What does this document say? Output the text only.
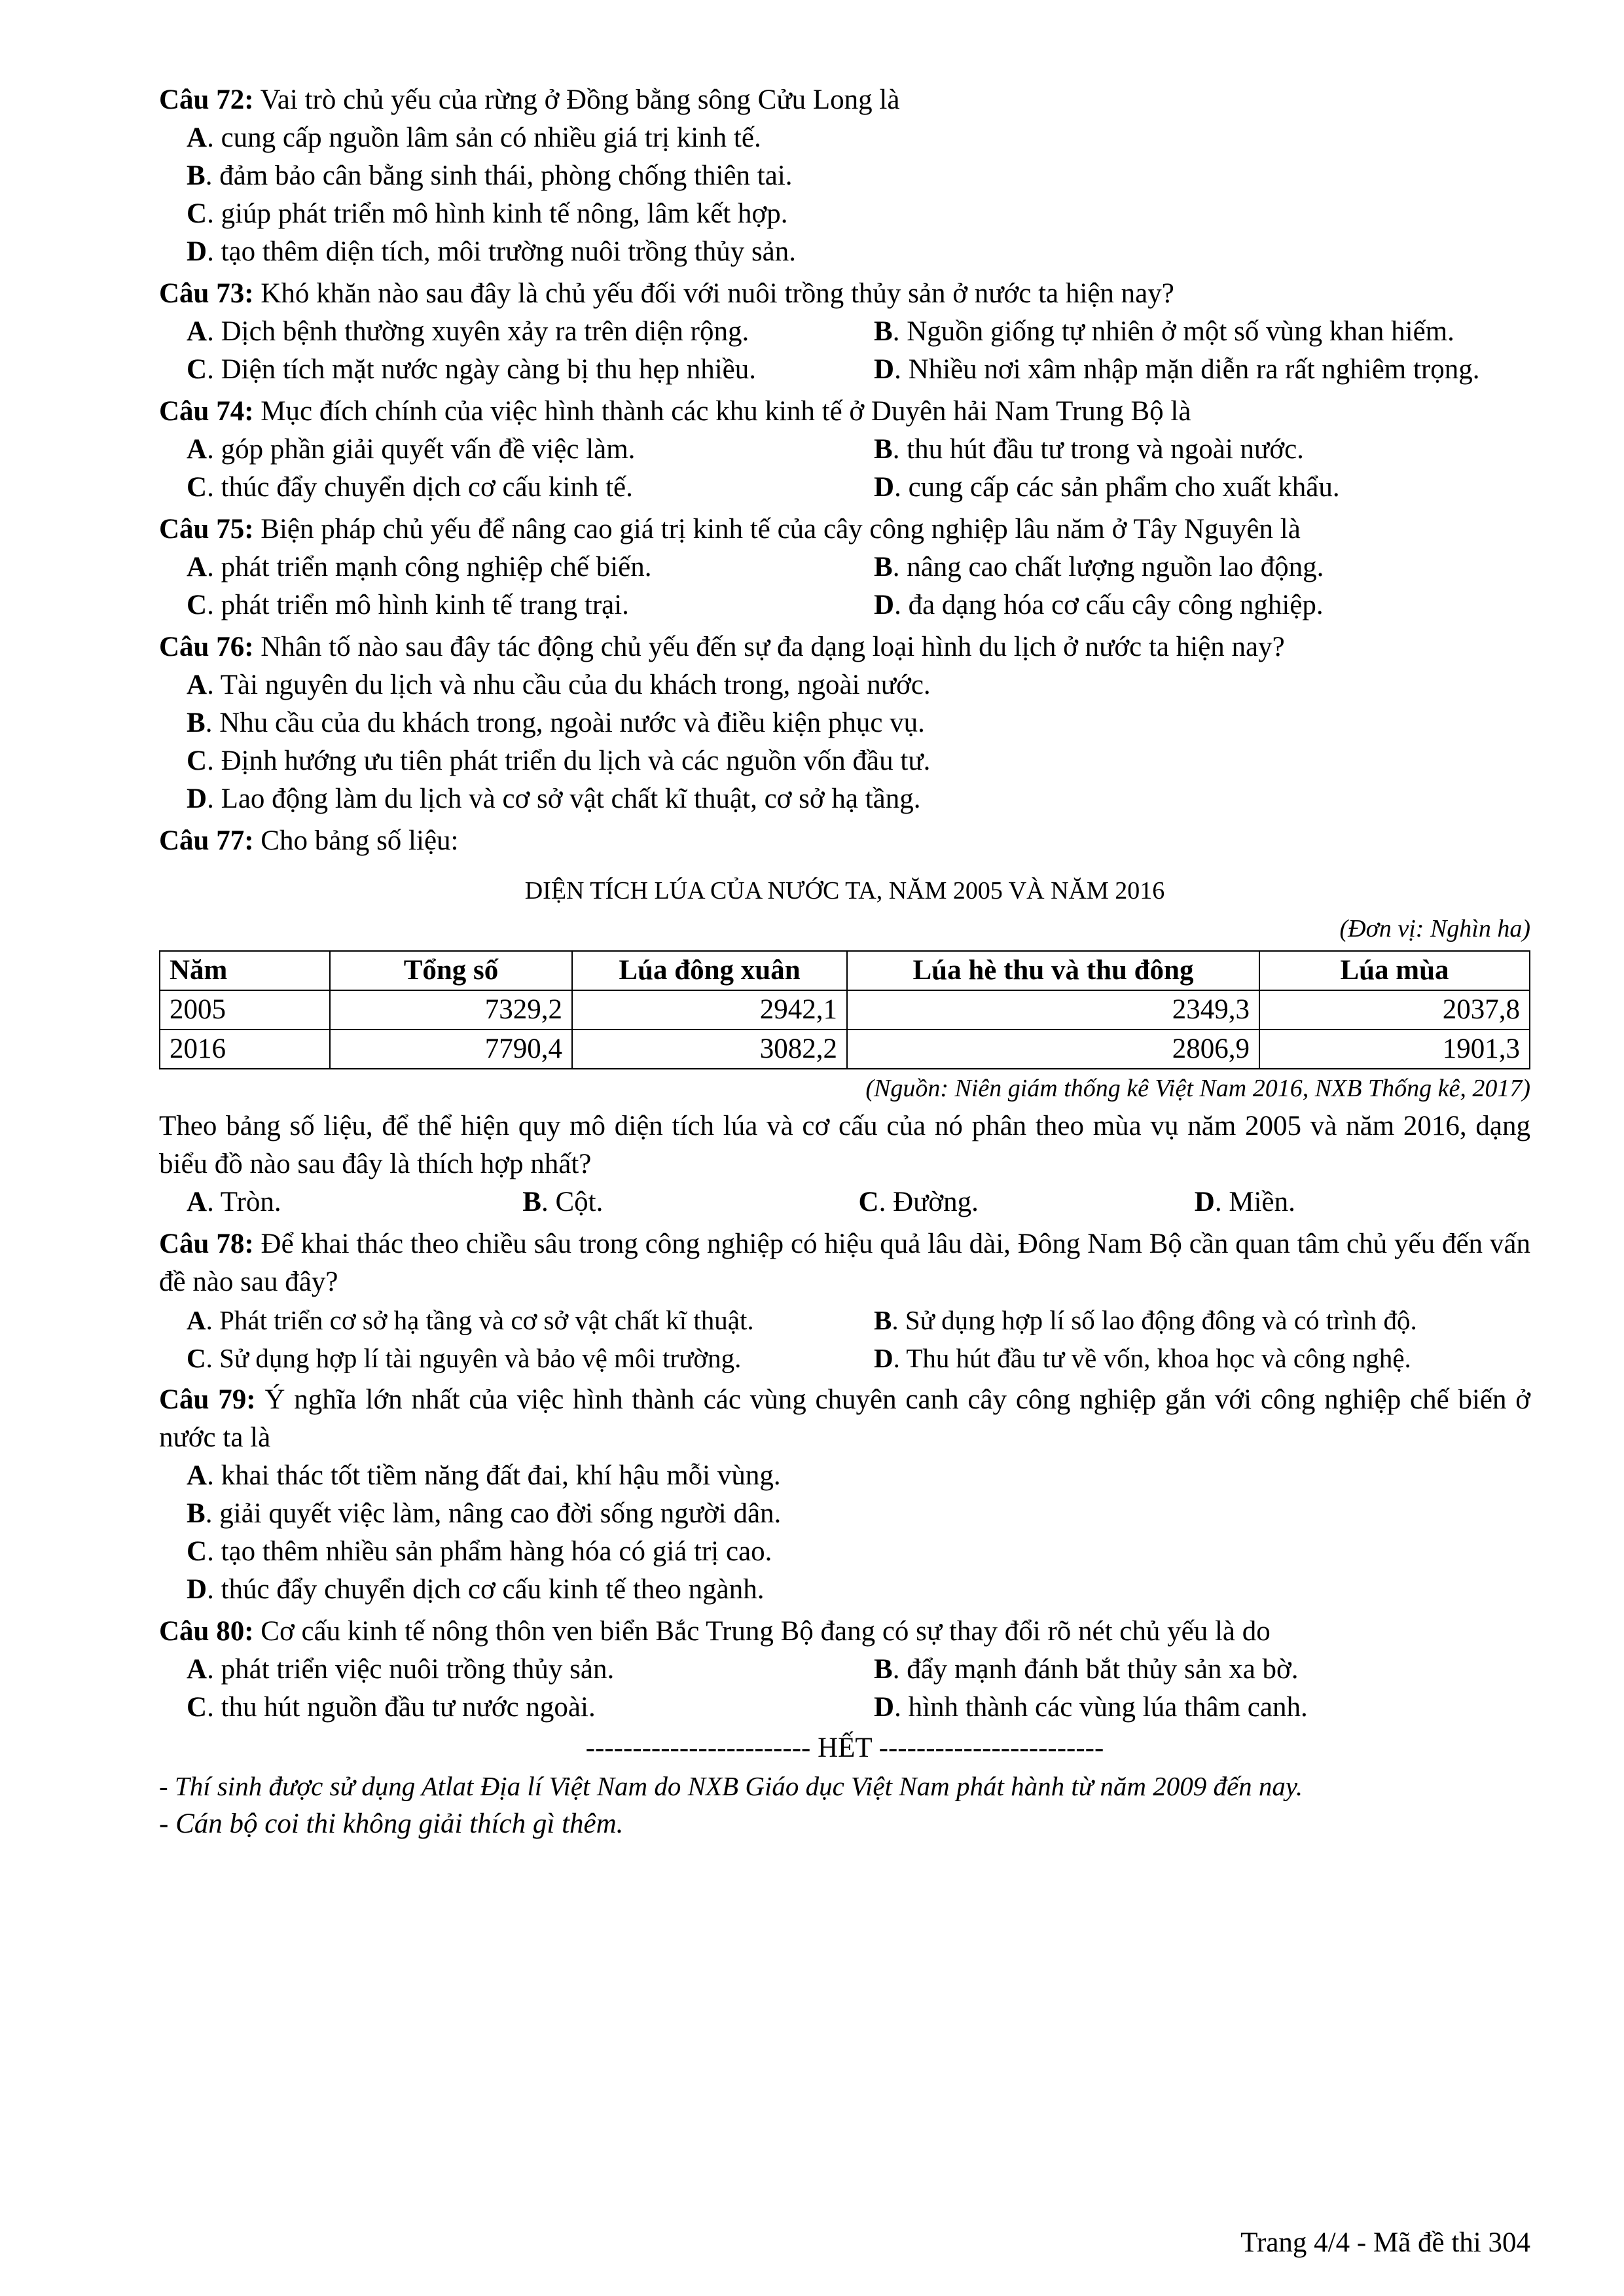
Câu 72: Vai trò chủ yếu của rừng ở Đồng bằng sông Cửu Long là
A. cung cấp nguồn lâm sản có nhiều giá trị kinh tế.
B. đảm bảo cân bằng sinh thái, phòng chống thiên tai.
C. giúp phát triển mô hình kinh tế nông, lâm kết hợp.
D. tạo thêm diện tích, môi trường nuôi trồng thủy sản.
Câu 73: Khó khăn nào sau đây là chủ yếu đối với nuôi trồng thủy sản ở nước ta hiện nay?
A. Dịch bệnh thường xuyên xảy ra trên diện rộng.	B. Nguồn giống tự nhiên ở một số vùng khan hiếm.
C. Diện tích mặt nước ngày càng bị thu hẹp nhiều.	D. Nhiều nơi xâm nhập mặn diễn ra rất nghiêm trọng.
Câu 74: Mục đích chính của việc hình thành các khu kinh tế ở Duyên hải Nam Trung Bộ là
A. góp phần giải quyết vấn đề việc làm.	B. thu hút đầu tư trong và ngoài nước.
C. thúc đẩy chuyển dịch cơ cấu kinh tế.	D. cung cấp các sản phẩm cho xuất khẩu.
Câu 75: Biện pháp chủ yếu để nâng cao giá trị kinh tế của cây công nghiệp lâu năm ở Tây Nguyên là
A. phát triển mạnh công nghiệp chế biến.	B. nâng cao chất lượng nguồn lao động.
C. phát triển mô hình kinh tế trang trại.	D. đa dạng hóa cơ cấu cây công nghiệp.
Câu 76: Nhân tố nào sau đây tác động chủ yếu đến sự đa dạng loại hình du lịch ở nước ta hiện nay?
A. Tài nguyên du lịch và nhu cầu của du khách trong, ngoài nước.
B. Nhu cầu của du khách trong, ngoài nước và điều kiện phục vụ.
C. Định hướng ưu tiên phát triển du lịch và các nguồn vốn đầu tư.
D. Lao động làm du lịch và cơ sở vật chất kĩ thuật, cơ sở hạ tầng.
Câu 77: Cho bảng số liệu:
DIỆN TÍCH LÚA CỦA NƯỚC TA, NĂM 2005 VÀ NĂM 2016
(Đơn vị: Nghìn ha)
Năm	Tổng số	Lúa đông xuân	Lúa hè thu và thu đông	Lúa mùa
2005	7329,2	2942,1	2349,3	2037,8
2016	7790,4	3082,2	2806,9	1901,3
(Nguồn: Niên giám thống kê Việt Nam 2016, NXB Thống kê, 2017)
Theo bảng số liệu, để thể hiện quy mô diện tích lúa và cơ cấu của nó phân theo mùa vụ năm 2005 và năm 2016, dạng biểu đồ nào sau đây là thích hợp nhất?
A. Tròn.	B. Cột.	C. Đường.	D. Miền.
Câu 78: Để khai thác theo chiều sâu trong công nghiệp có hiệu quả lâu dài, Đông Nam Bộ cần quan tâm chủ yếu đến vấn đề nào sau đây?
A. Phát triển cơ sở hạ tầng và cơ sở vật chất kĩ thuật.	B. Sử dụng hợp lí số lao động đông và có trình độ.
C. Sử dụng hợp lí tài nguyên và bảo vệ môi trường.	D. Thu hút đầu tư về vốn, khoa học và công nghệ.
Câu 79: Ý nghĩa lớn nhất của việc hình thành các vùng chuyên canh cây công nghiệp gắn với công nghiệp chế biến ở nước ta là
A. khai thác tốt tiềm năng đất đai, khí hậu mỗi vùng.
B. giải quyết việc làm, nâng cao đời sống người dân.
C. tạo thêm nhiều sản phẩm hàng hóa có giá trị cao.
D. thúc đẩy chuyển dịch cơ cấu kinh tế theo ngành.
Câu 80: Cơ cấu kinh tế nông thôn ven biển Bắc Trung Bộ đang có sự thay đổi rõ nét chủ yếu là do
A. phát triển việc nuôi trồng thủy sản.	B. đẩy mạnh đánh bắt thủy sản xa bờ.
C. thu hút nguồn đầu tư nước ngoài.	D. hình thành các vùng lúa thâm canh.
------------------------ HẾT ------------------------
- Thí sinh được sử dụng Atlat Địa lí Việt Nam do NXB Giáo dục Việt Nam phát hành từ năm 2009 đến nay.
- Cán bộ coi thi không giải thích gì thêm.
Trang 4/4 - Mã đề thi 304
